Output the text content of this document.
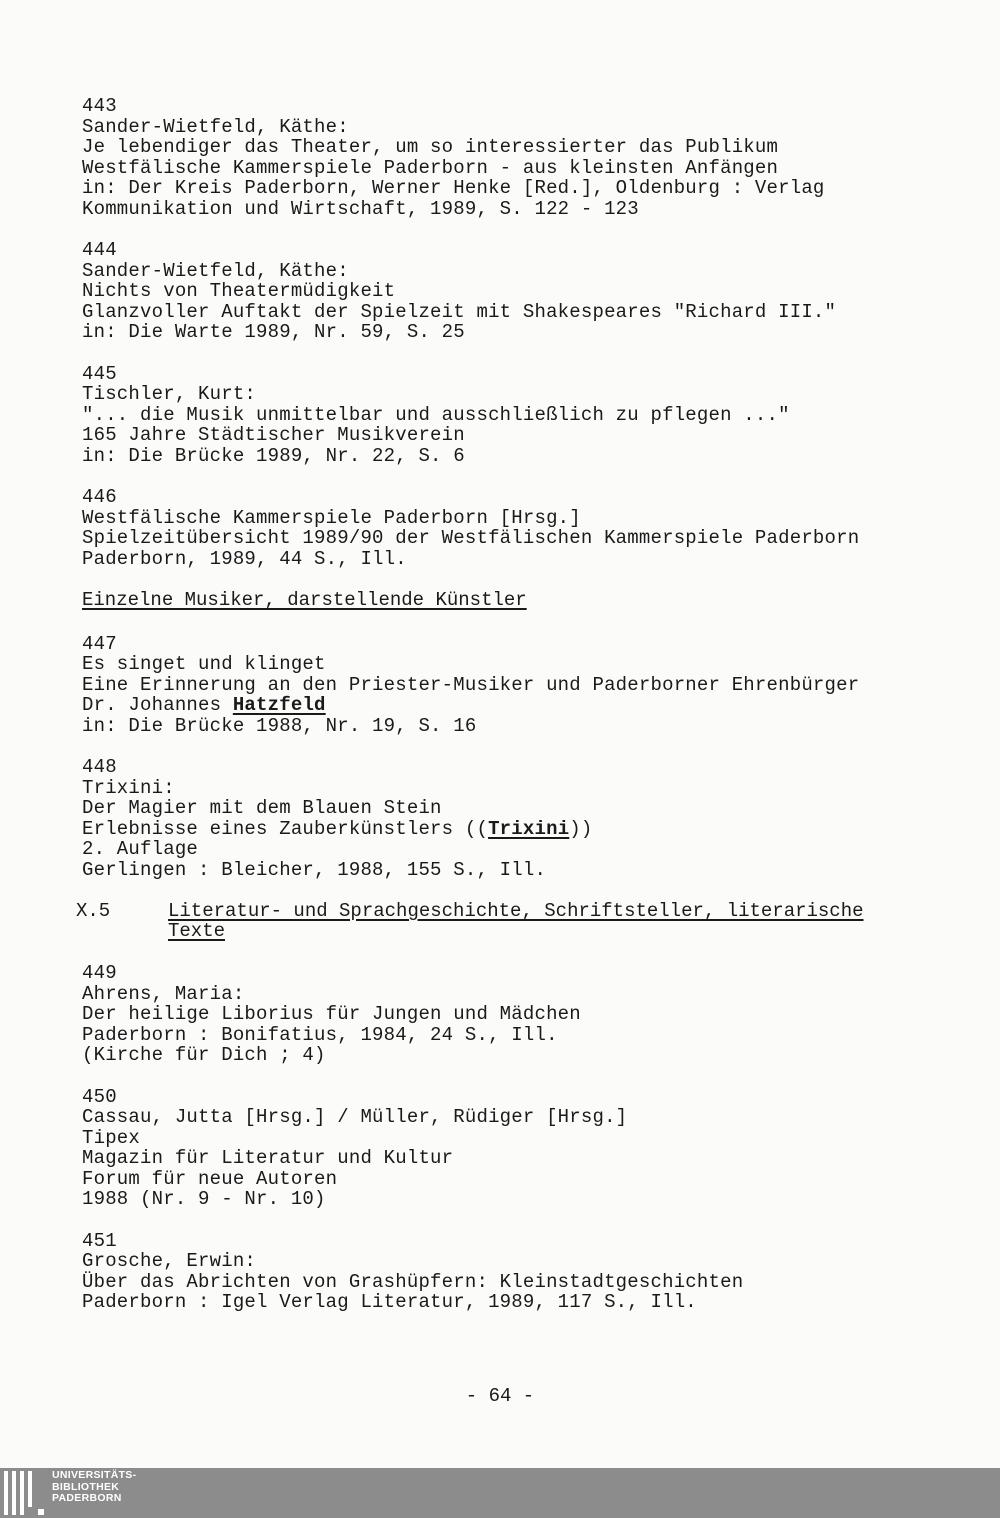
443
Sander-Wietfeld, Käthe:
Je lebendiger das Theater, um so interessierter das Publikum
Westfälische Kammerspiele Paderborn - aus kleinsten Anfängen
in: Der Kreis Paderborn, Werner Henke [Red.], Oldenburg : Verlag
Kommunikation und Wirtschaft, 1989, S. 122 - 123
444
Sander-Wietfeld, Käthe:
Nichts von Theatermüdigkeit
Glanzvoller Auftakt der Spielzeit mit Shakespeares "Richard III."
in: Die Warte 1989, Nr. 59, S. 25
445
Tischler, Kurt:
"... die Musik unmittelbar und ausschließlich zu pflegen ..."
165 Jahre Städtischer Musikverein
in: Die Brücke 1989, Nr. 22, S. 6
446
Westfälische Kammerspiele Paderborn [Hrsg.]
Spielzeitübersicht 1989/90 der Westfälischen Kammerspiele Paderborn
Paderborn, 1989, 44 S., Ill.
Einzelne Musiker, darstellende Künstler
447
Es singet und klinget
Eine Erinnerung an den Priester-Musiker und Paderborner Ehrenbürger
Dr. Johannes Hatzfeld
in: Die Brücke 1988, Nr. 19, S. 16
448
Trixini:
Der Magier mit dem Blauen Stein
Erlebnisse eines Zauberkünstlers ((Trixini))
2. Auflage
Gerlingen : Bleicher, 1988, 155 S., Ill.
X.5	Literatur- und Sprachgeschichte, Schriftsteller, literarische
Texte
449
Ahrens, Maria:
Der heilige Liborius für Jungen und Mädchen
Paderborn : Bonifatius, 1984, 24 S., Ill.
(Kirche für Dich ; 4)
450
Cassau, Jutta [Hrsg.] / Müller, Rüdiger [Hrsg.]
Tipex
Magazin für Literatur und Kultur
Forum für neue Autoren
1988 (Nr. 9 - Nr. 10)
451
Grosche, Erwin:
Über das Abrichten von Grashüpfern: Kleinstadtgeschichten
Paderborn : Igel Verlag Literatur, 1989, 117 S., Ill.
- 64 -
UNIVERSITÄTS-
BIBLIOTHEK
PADERBORN
